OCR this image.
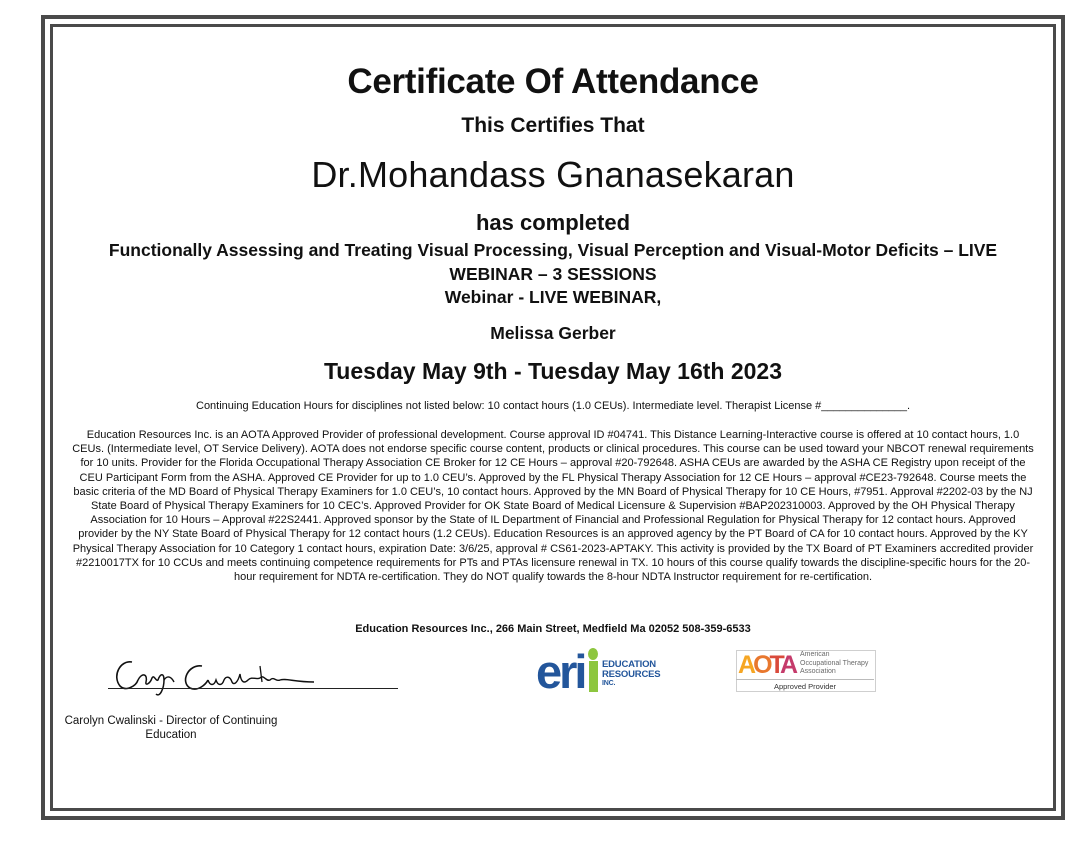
Certificate Of Attendance
This Certifies That
Dr.Mohandass Gnanasekaran
has completed
Functionally Assessing and Treating Visual Processing, Visual Perception and Visual-Motor Deficits – LIVE WEBINAR – 3 SESSIONS
Webinar - LIVE WEBINAR,
Melissa Gerber
Tuesday May 9th - Tuesday May 16th 2023
Continuing Education Hours for disciplines not listed below: 10 contact hours (1.0 CEUs). Intermediate level. Therapist License #______________.
Education Resources Inc. is an AOTA Approved Provider of professional development. Course approval ID #04741. This Distance Learning-Interactive course is offered at 10 contact hours, 1.0 CEUs. (Intermediate level, OT Service Delivery). AOTA does not endorse specific course content, products or clinical procedures. This course can be used toward your NBCOT renewal requirements for 10 units. Provider for the Florida Occupational Therapy Association CE Broker for 12 CE Hours – approval #20-792648. ASHA CEUs are awarded by the ASHA CE Registry upon receipt of the CEU Participant Form from the ASHA. Approved CE Provider for up to 1.0 CEU’s. Approved by the FL Physical Therapy Association for 12 CE Hours – approval #CE23-792648. Course meets the basic criteria of the MD Board of Physical Therapy Examiners for 1.0 CEU’s, 10 contact hours. Approved by the MN Board of Physical Therapy for 10 CE Hours, #7951. Approval #2202-03 by the NJ State Board of Physical Therapy Examiners for 10 CEC’s. Approved Provider for OK State Board of Medical Licensure & Supervision #BAP202310003. Approved by the OH Physical Therapy Association for 10 Hours – Approval #22S2441. Approved sponsor by the State of IL Department of Financial and Professional Regulation for Physical Therapy for 12 contact hours. Approved provider by the NY State Board of Physical Therapy for 12 contact hours (1.2 CEUs). Education Resources is an approved agency by the PT Board of CA for 10 contact hours. Approved by the KY Physical Therapy Association for 10 Category 1 contact hours, expiration Date: 3/6/25, approval # CS61-2023-APTAKY. This activity is provided by the TX Board of PT Examiners accredited provider #2210017TX for 10 CCUs and meets continuing competence requirements for PTs and PTAs licensure renewal in TX. 10 hours of this course qualify towards the discipline-specific hours for the 20-hour requirement for NDTA re-certification. They do NOT qualify towards the 8-hour NDTA Instructor requirement for re-certification.
Education Resources Inc., 266 Main Street, Medfield Ma 02052 508-359-6533
Carolyn Cwalinski - Director of Continuing Education
eri EDUCATION
RESOURCES
INC.
AOTA American
Occupational Therapy
Association
Approved Provider
